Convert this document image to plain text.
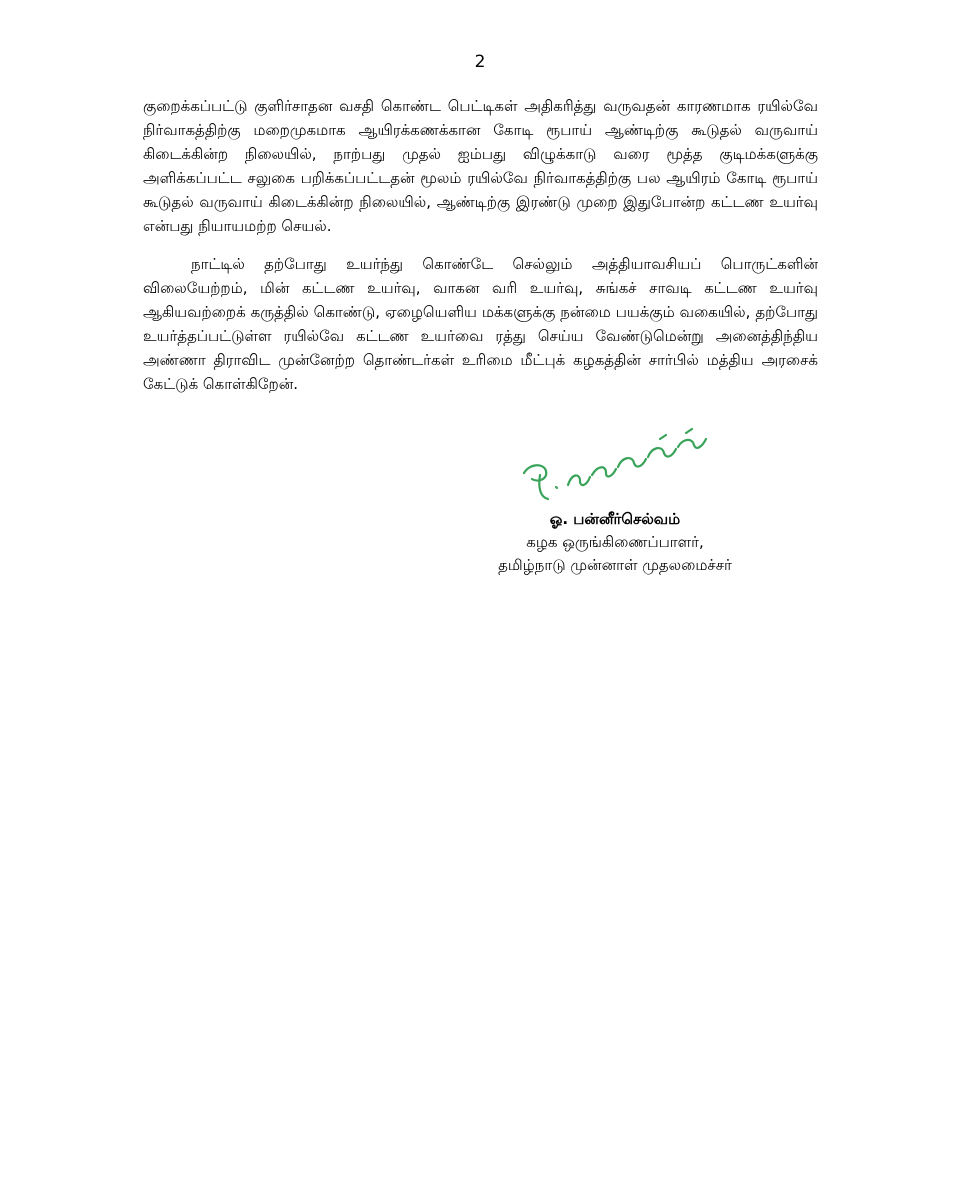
2

குறைக்கப்பட்டு குளிர்சாதன வசதி கொண்ட பெட்டிகள் அதிகரித்து வருவதன் காரணமாக ரயில்வே நிர்வாகத்திற்கு மறைமுகமாக ஆயிரக்கணக்கான கோடி ரூபாய் ஆண்டிற்கு கூடுதல் வருவாய் கிடைக்கின்ற நிலையில், நாற்பது முதல் ஐம்பது விழுக்காடு வரை மூத்த குடிமக்களுக்கு அளிக்கப்பட்ட சலுகை பறிக்கப்பட்டதன் மூலம் ரயில்வே நிர்வாகத்திற்கு பல ஆயிரம் கோடி ரூபாய் கூடுதல் வருவாய் கிடைக்கின்ற நிலையில், ஆண்டிற்கு இரண்டு முறை இதுபோன்ற கட்டண உயர்வு என்பது நியாயமற்ற செயல்.

நாட்டில் தற்போது உயர்ந்து கொண்டே செல்லும் அத்தியாவசியப் பொருட்களின் விலையேற்றம், மின் கட்டண உயர்வு, வாகன வரி உயர்வு, சுங்கச் சாவடி கட்டண உயர்வு ஆகியவற்றைக் கருத்தில் கொண்டு, ஏழையெளிய மக்களுக்கு நன்மை பயக்கும் வகையில், தற்போது உயர்த்தப்பட்டுள்ள ரயில்வே கட்டண உயர்வை ரத்து செய்ய வேண்டுமென்று அனைத்திந்திய அண்ணா திராவிட முன்னேற்ற தொண்டர்கள் உரிமை மீட்புக் கழகத்தின் சார்பில் மத்திய அரசைக் கேட்டுக் கொள்கிறேன்.

ஓ. பன்னீர்செல்வம்
கழக ஒருங்கிணைப்பாளர்,
தமிழ்நாடு முன்னாள் முதலமைச்சர்
